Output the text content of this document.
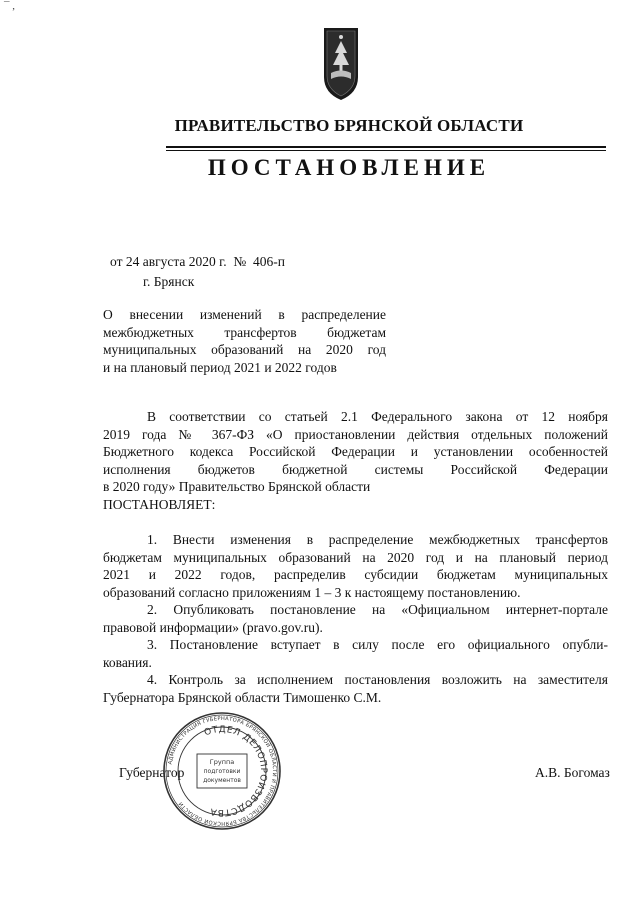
¯ ,
ПРАВИТЕЛЬСТВО БРЯНСКОЙ ОБЛАСТИ
ПОСТАНОВЛЕНИЕ
от 24 августа 2020 г.  №  406-п
г. Брянск
О внесении изменений в распределение
межбюджетных трансфертов бюджетам
муниципальных образований на 2020 год
и на плановый период 2021 и 2022 годов
В соответствии со статьей 2.1 Федерального закона от 12 ноября
2019 года № 367-ФЗ «О приостановлении действия отдельных положений
Бюджетного кодекса Российской Федерации и установлении особенностей
исполнения бюджетов бюджетной системы Российской Федерации
в 2020 году» Правительство Брянской области
ПОСТАНОВЛЯЕТ:
1. Внести изменения в распределение межбюджетных трансфертов
бюджетам муниципальных образований на 2020 год и на плановый период
2021 и 2022 годов, распределив субсидии бюджетам муниципальных
образований согласно приложениям 1 – 3 к настоящему постановлению.
2. Опубликовать постановление на «Официальном интернет-портале
правовой информации» (pravo.gov.ru).
3. Постановление вступает в силу после его официального опубли-
кования.
4. Контроль за исполнением постановления возложить на заместителя
Губернатора Брянской области Тимошенко С.М.
Губернатор	А.В. Богомаз
АДМИНИСТРАЦИЯ ГУБЕРНАТОРА БРЯНСКОЙ ОБЛАСТИ И ПРАВИТЕЛЬСТВА БРЯНСКОЙ ОБЛАСТИ
ОТДЕЛ ДЕЛОПРОИЗВОДСТВА
Группа
подготовки
документов
